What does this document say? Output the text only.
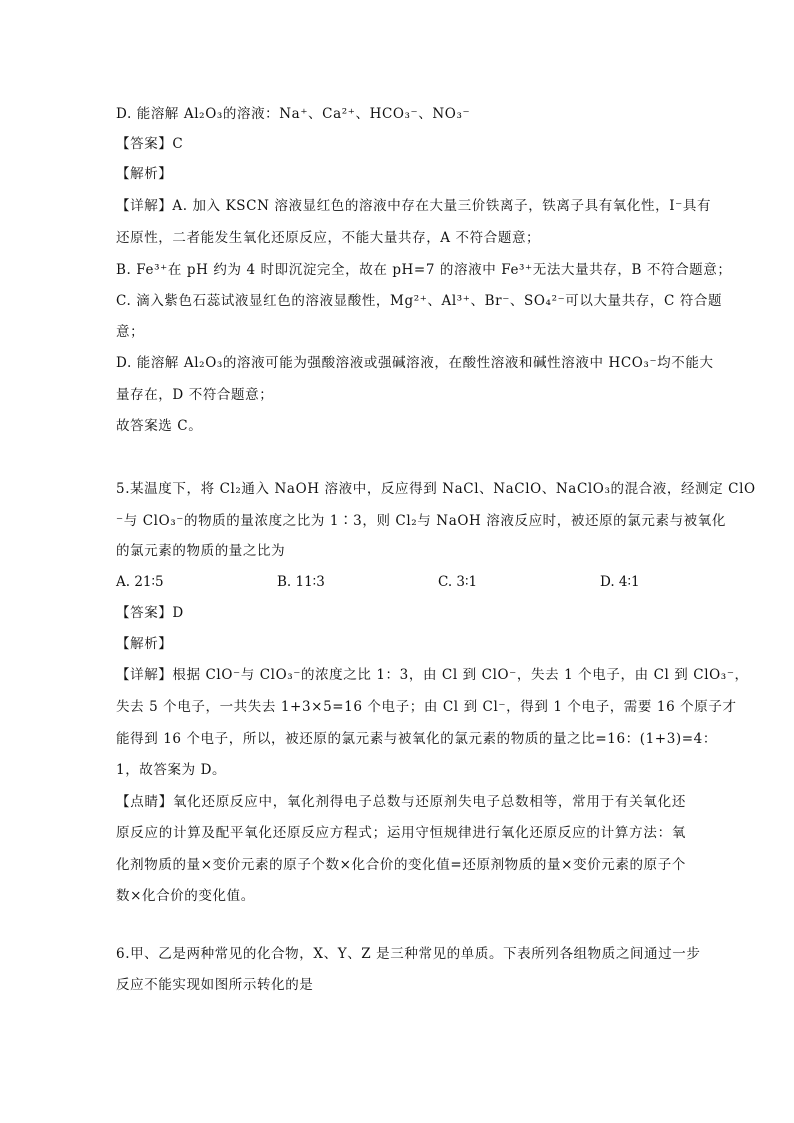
D. 能溶解 Al₂O₃的溶液：Na⁺、Ca²⁺、HCO₃⁻、NO₃⁻
【答案】C
【解析】
【详解】A. 加入 KSCN 溶液显红色的溶液中存在大量三价铁离子，铁离子具有氧化性，I⁻具有
还原性，二者能发生氧化还原反应，不能大量共存，A 不符合题意；
B. Fe³⁺在 pH 约为 4 时即沉淀完全，故在 pH=7 的溶液中 Fe³⁺无法大量共存，B 不符合题意；
C. 滴入紫色石蕊试液显红色的溶液显酸性，Mg²⁺、Al³⁺、Br⁻、SO₄²⁻可以大量共存，C 符合题
意；
D. 能溶解 Al₂O₃的溶液可能为强酸溶液或强碱溶液，在酸性溶液和碱性溶液中 HCO₃⁻均不能大
量存在，D 不符合题意；
故答案选 C。
5.某温度下，将 Cl₂通入 NaOH 溶液中，反应得到 NaCl、NaClO、NaClO₃的混合液，经测定 ClO
⁻与 ClO₃⁻的物质的量浓度之比为 1∶3，则 Cl₂与 NaOH 溶液反应时，被还原的氯元素与被氧化
的氯元素的物质的量之比为
A. 21∶5	B. 11∶3	C. 3∶1	D. 4∶1
【答案】D
【解析】
【详解】根据 ClO⁻与 ClO₃⁻的浓度之比 1：3，由 Cl 到 ClO⁻，失去 1 个电子，由 Cl 到 ClO₃⁻，
失去 5 个电子，一共失去 1+3×5=16 个电子；由 Cl 到 Cl⁻，得到 1 个电子，需要 16 个原子才
能得到 16 个电子，所以，被还原的氯元素与被氧化的氯元素的物质的量之比=16：(1+3)=4：
1，故答案为 D。
【点睛】氧化还原反应中，氧化剂得电子总数与还原剂失电子总数相等，常用于有关氧化还
原反应的计算及配平氧化还原反应方程式；运用守恒规律进行氧化还原反应的计算方法：氧
化剂物质的量×变价元素的原子个数×化合价的变化值=还原剂物质的量×变价元素的原子个
数×化合价的变化值。
6.甲、乙是两种常见的化合物，X、Y、Z 是三种常见的单质。下表所列各组物质之间通过一步
反应不能实现如图所示转化的是
